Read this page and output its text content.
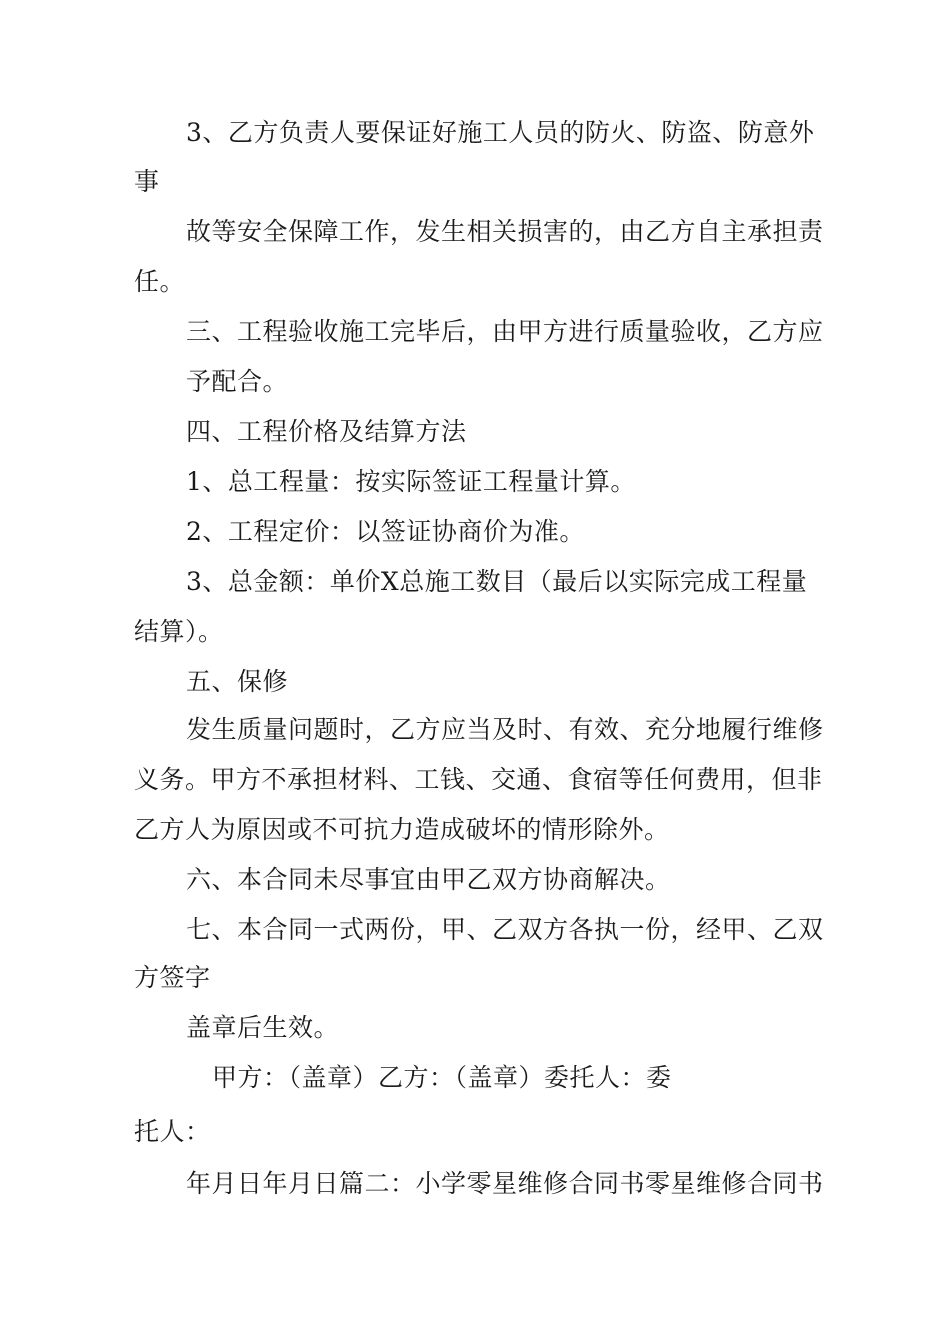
3、乙方负责人要保证好施工人员的防火、防盗、防意外
事
故等安全保障工作，发生相关损害的，由乙方自主承担责
任。
三、工程验收施工完毕后，由甲方进行质量验收，乙方应
予配合。
四、工程价格及结算方法
1、总工程量：按实际签证工程量计算。
2、工程定价：以签证协商价为准。
3、总金额：单价X总施工数目（最后以实际完成工程量
结算）。
五、保修
发生质量问题时，乙方应当及时、有效、充分地履行维修
义务。甲方不承担材料、工钱、交通、食宿等任何费用，但非
乙方人为原因或不可抗力造成破坏的情形除外。
六、本合同未尽事宜由甲乙双方协商解决。
七、本合同一式两份，甲、乙双方各执一份，经甲、乙双
方签字
盖章后生效。
甲方：（盖章）乙方：（盖章）委托人：委
托人：
年月日年月日篇二：小学零星维修合同书零星维修合同书
